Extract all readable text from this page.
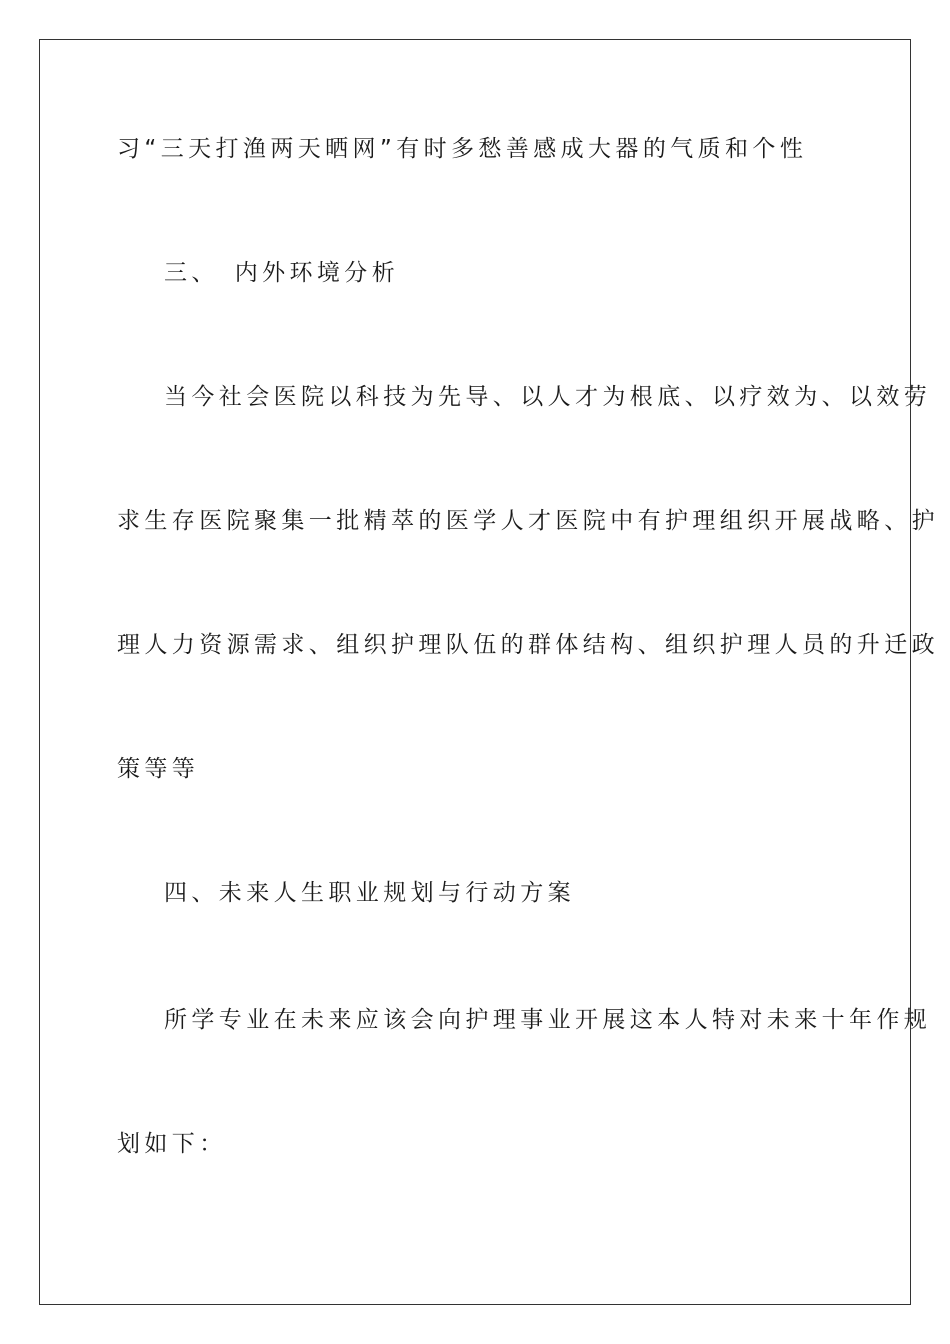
习“三天打渔两天晒网”有时多愁善感成大器的气质和个性
三、　内外环境分析
当今社会医院以科技为先导、以人才为根底、以疗效为、以效劳
求生存医院聚集一批精萃的医学人才医院中有护理组织开展战略、护
理人力资源需求、组织护理队伍的群体结构、组织护理人员的升迁政
策等等
四、未来人生职业规划与行动方案
所学专业在未来应该会向护理事业开展这本人特对未来十年作规
划如下：
